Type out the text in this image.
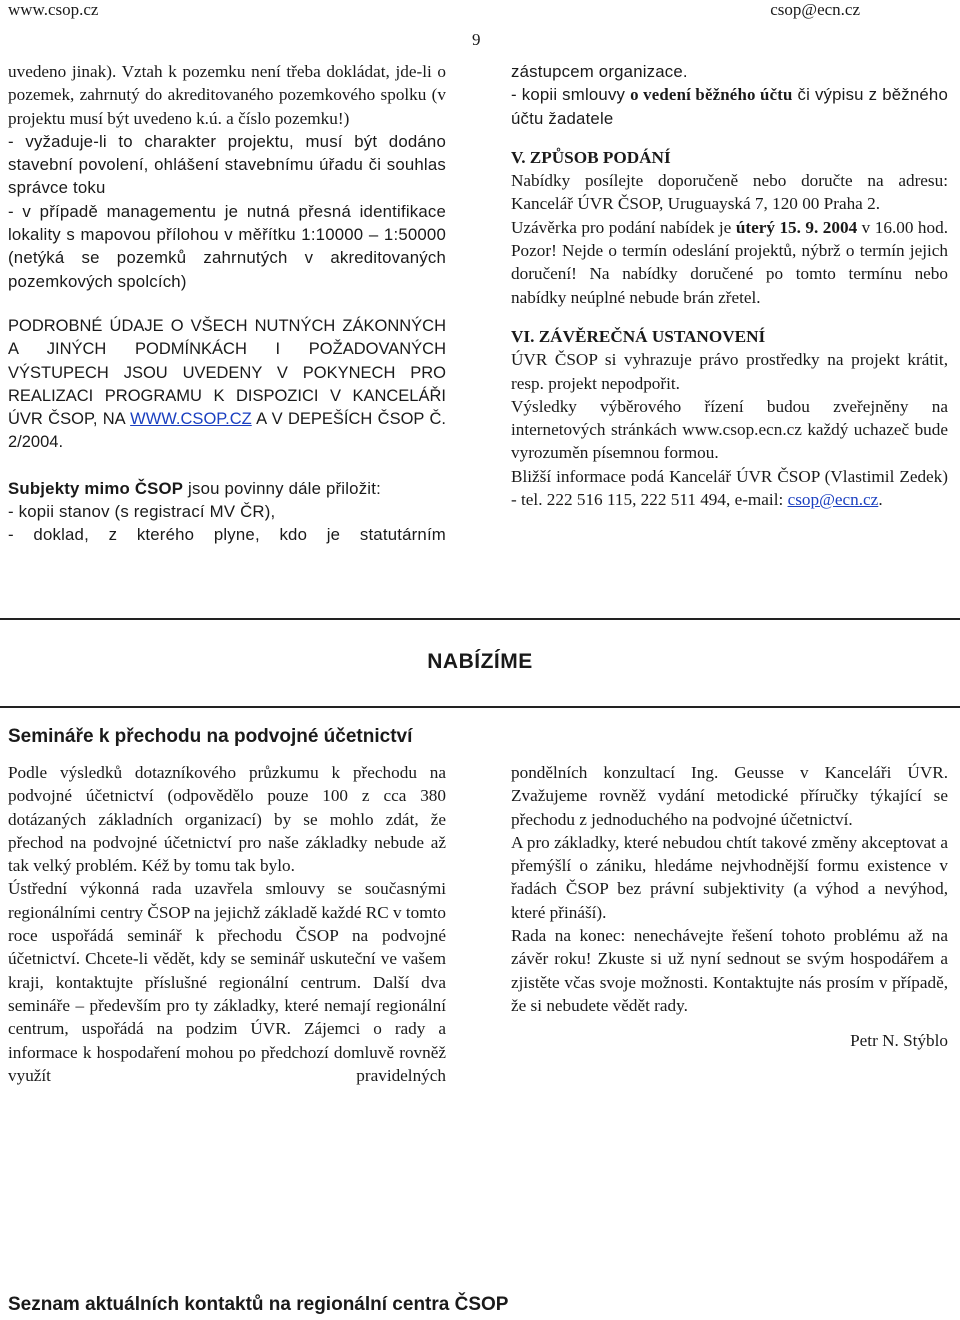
www.csop.cz	csop@ecn.cz
9

uvedeno jinak). Vztah k pozemku není třeba dokládat, jde-li o pozemek, zahrnutý do akreditovaného pozemkového spolku (v projektu musí být uvedeno k.ú. a číslo pozemku!)

- vyžaduje-li to charakter projektu, musí být dodáno stavební povolení, ohlášení stavebnímu úřadu či souhlas správce toku

- v případě managementu je nutná přesná identifikace lokality s mapovou přílohou v měřítku 1:10000 – 1:50000 (netýká se pozemků zahrnutých v akreditovaných pozemkových spolcích)

PODROBNÉ ÚDAJE O VŠECH NUTNÝCH ZÁKONNÝCH A JINÝCH PODMÍNKÁCH I POŽADOVANÝCH VÝSTUPECH JSOU UVEDENY V POKYNECH PRO REALIZACI PROGRAMU K DISPOZICI V KANCELÁŘI ÚVR ČSOP, NA WWW.CSOP.CZ A V DEPEŠÍCH ČSOP Č. 2/2004.

Subjekty mimo ČSOP jsou povinny dále přiložit:

- kopii stanov (s registrací MV ČR),

- doklad, z kterého plyne, kdo je statutárním

zástupcem organizace.

- kopii smlouvy o vedení běžného účtu či výpisu z běžného účtu žadatele

V. ZPŮSOB PODÁNÍ

Nabídky posílejte doporučeně nebo doručte na adresu: Kancelář ÚVR ČSOP, Uruguayská 7, 120 00 Praha 2.

Uzávěrka pro podání nabídek je úterý 15. 9. 2004 v 16.00 hod. Pozor! Nejde o termín odeslání projektů, nýbrž o termín jejich doručení! Na nabídky doručené po tomto termínu nebo nabídky neúplné nebude brán zřetel.

VI. ZÁVĚREČNÁ USTANOVENÍ

ÚVR ČSOP si vyhrazuje právo prostředky na projekt krátit, resp. projekt nepodpořit.

Výsledky výběrového řízení budou zveřejněny na internetových stránkách www.csop.ecn.cz každý uchazeč bude vyrozuměn písemnou formou.

Bližší informace podá Kancelář ÚVR ČSOP (Vlastimil Zedek) - tel. 222 516 115, 222 511 494, e-mail: csop@ecn.cz.

NABÍZÍME
Semináře k přechodu na podvojné účetnictví

Podle výsledků dotazníkového průzkumu k přechodu na podvojné účetnictví (odpovědělo pouze 100 z cca 380 dotázaných základních organizací) by se mohlo zdát, že přechod na podvojné účetnictví pro naše základky nebude až tak velký problém. Kéž by tomu tak bylo.

Ústřední výkonná rada uzavřela smlouvy se současnými regionálními centry ČSOP na jejichž základě každé RC v tomto roce uspořádá seminář k přechodu ČSOP na podvojné účetnictví. Chcete-li vědět, kdy se seminář uskuteční ve vašem kraji, kontaktujte příslušné regionální centrum. Další dva semináře – především pro ty základky, které nemají regionální centrum, uspořádá na podzim ÚVR. Zájemci o rady a informace k hospodaření mohou po předchozí domluvě rovněž využít pravidelných

pondělních konzultací Ing. Geusse v Kanceláři ÚVR. Zvažujeme rovněž vydání metodické příručky týkající se přechodu z jednoduchého na podvojné účetnictví.

A pro základky, které nebudou chtít takové změny akceptovat a přemýšlí o zániku, hledáme nejvhodnější formu existence v řadách ČSOP bez právní subjektivity (a výhod a nevýhod, které přináší).

Rada na konec: nenechávejte řešení tohoto problému až na závěr roku! Zkuste si už nyní sednout se svým hospodářem a zjistěte včas svoje možnosti. Kontaktujte nás prosím v případě, že si nebudete vědět rady.

Petr N. Stýblo

Seznam aktuálních kontaktů na regionální centra ČSOP
